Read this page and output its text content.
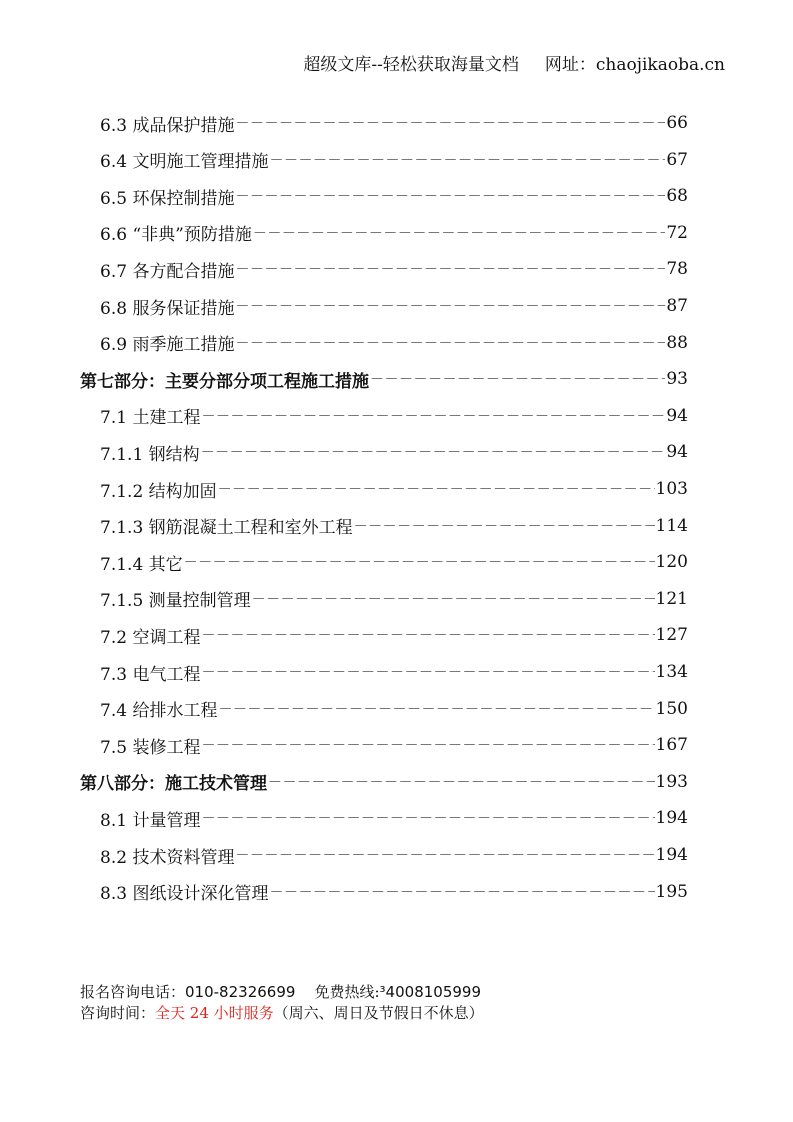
超级文库--轻松获取海量文档 网址：chaojikaoba.cn
6.3 成品保护措施 －－－－－－－－－－－－－－－－－－－－－－－－－－－－－－－－－－－－－－－－－－－－－－－－－－－－－－－－－－－－－－	66
6.4 文明施工管理措施 －－－－－－－－－－－－－－－－－－－－－－－－－－－－－－－－－－－－－－－－－－－－－－－－－－－－－－－－－－－－－－	67
6.5 环保控制措施 －－－－－－－－－－－－－－－－－－－－－－－－－－－－－－－－－－－－－－－－－－－－－－－－－－－－－－－－－－－－－－	68
6.6 “非典”预防措施 －－－－－－－－－－－－－－－－－－－－－－－－－－－－－－－－－－－－－－－－－－－－－－－－－－－－－－－－－－－－－－	72
6.7 各方配合措施 －－－－－－－－－－－－－－－－－－－－－－－－－－－－－－－－－－－－－－－－－－－－－－－－－－－－－－－－－－－－－－	78
6.8 服务保证措施 －－－－－－－－－－－－－－－－－－－－－－－－－－－－－－－－－－－－－－－－－－－－－－－－－－－－－－－－－－－－－－	87
6.9 雨季施工措施 －－－－－－－－－－－－－－－－－－－－－－－－－－－－－－－－－－－－－－－－－－－－－－－－－－－－－－－－－－－－－－	88
第七部分：主要分部分项工程施工措施 －－－－－－－－－－－－－－－－－－－－－－－－－－－－－－－－－－－－－－－－－－－－－－－－－－－－－－－－－－－－－－	93
7.1 土建工程 －－－－－－－－－－－－－－－－－－－－－－－－－－－－－－－－－－－－－－－－－－－－－－－－－－－－－－－－－－－－－－	94
7.1.1 钢结构 －－－－－－－－－－－－－－－－－－－－－－－－－－－－－－－－－－－－－－－－－－－－－－－－－－－－－－－－－－－－－－	94
7.1.2 结构加固 －－－－－－－－－－－－－－－－－－－－－－－－－－－－－－－－－－－－－－－－－－－－－－－－－－－－－－－－－－－－－－	103
7.1.3 钢筋混凝土工程和室外工程 －－－－－－－－－－－－－－－－－－－－－－－－－－－－－－－－－－－－－－－－－－－－－－－－－－－－－－－－－－－－－－	114
7.1.4 其它 －－－－－－－－－－－－－－－－－－－－－－－－－－－－－－－－－－－－－－－－－－－－－－－－－－－－－－－－－－－－－－	120
7.1.5 测量控制管理 －－－－－－－－－－－－－－－－－－－－－－－－－－－－－－－－－－－－－－－－－－－－－－－－－－－－－－－－－－－－－－	121
7.2 空调工程 －－－－－－－－－－－－－－－－－－－－－－－－－－－－－－－－－－－－－－－－－－－－－－－－－－－－－－－－－－－－－－	127
7.3 电气工程 －－－－－－－－－－－－－－－－－－－－－－－－－－－－－－－－－－－－－－－－－－－－－－－－－－－－－－－－－－－－－－	134
7.4 给排水工程 －－－－－－－－－－－－－－－－－－－－－－－－－－－－－－－－－－－－－－－－－－－－－－－－－－－－－－－－－－－－－－	150
7.5 装修工程 －－－－－－－－－－－－－－－－－－－－－－－－－－－－－－－－－－－－－－－－－－－－－－－－－－－－－－－－－－－－－－	167
第八部分：施工技术管理 －－－－－－－－－－－－－－－－－－－－－－－－－－－－－－－－－－－－－－－－－－－－－－－－－－－－－－－－－－－－－－	193
8.1 计量管理 －－－－－－－－－－－－－－－－－－－－－－－－－－－－－－－－－－－－－－－－－－－－－－－－－－－－－－－－－－－－－－	194
8.2 技术资料管理 －－－－－－－－－－－－－－－－－－－－－－－－－－－－－－－－－－－－－－－－－－－－－－－－－－－－－－－－－－－－－－	194
8.3 图纸设计深化管理 －－－－－－－－－－－－－－－－－－－－－－－－－－－－－－－－－－－－－－－－－－－－－－－－－－－－－－－－－－－－－－	195
报名咨询电话：010-82326699 免费热线:³4008105999
咨询时间：全天 24 小时服务（周六、周日及节假日不休息）
